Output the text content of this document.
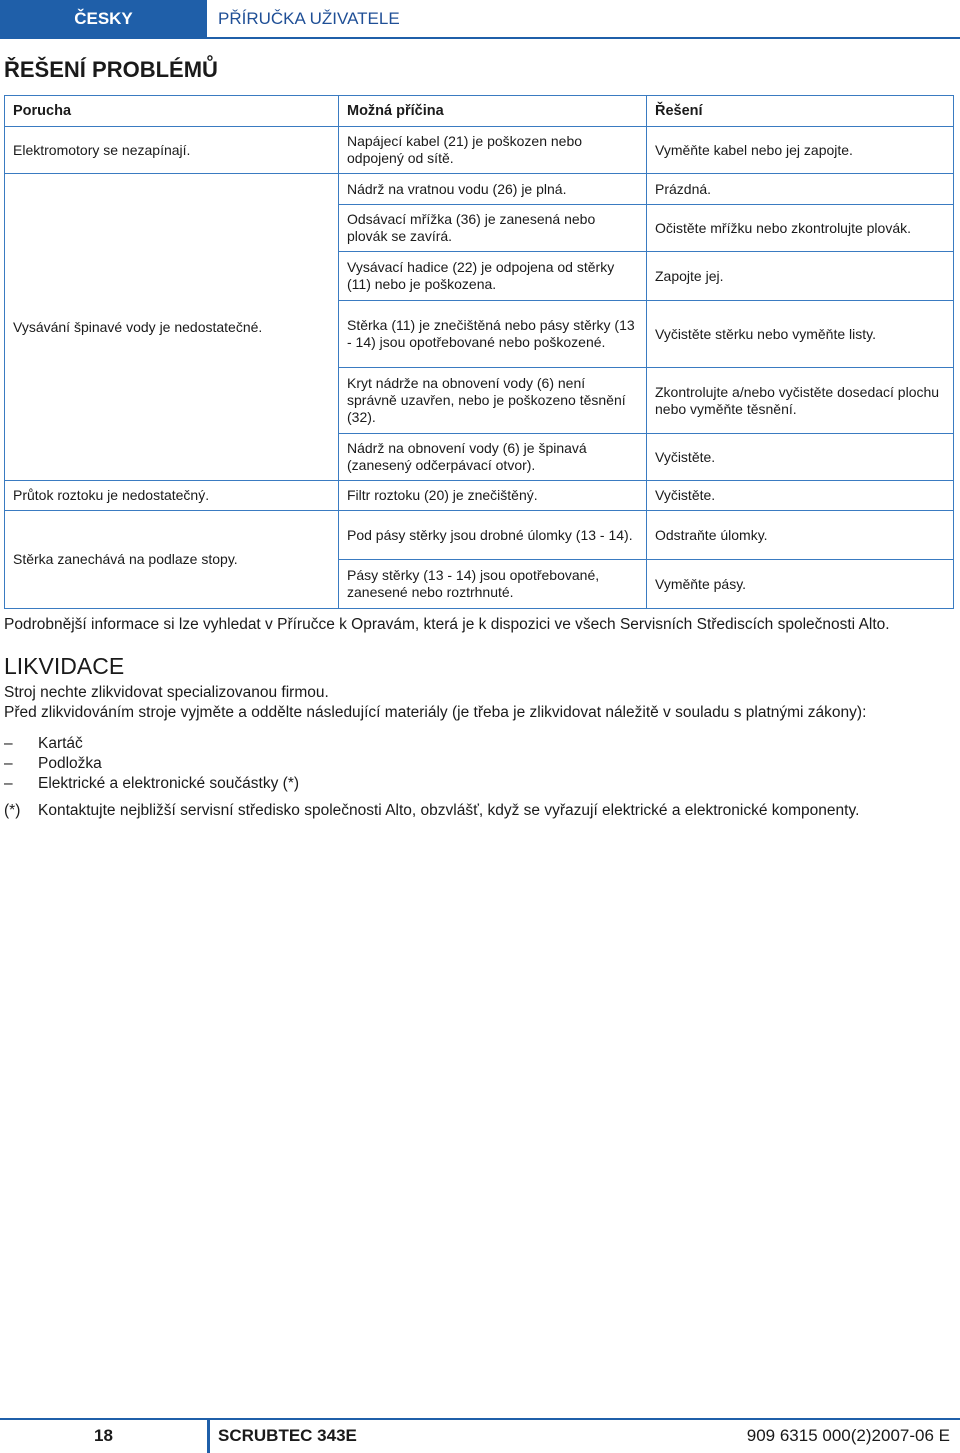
ČESKY	PŘÍRUČKA UŽIVATELE
ŘEŠENÍ PROBLÉMŮ
Porucha	Možná příčina	Řešení
Elektromotory se nezapínají.	Napájecí kabel (21) je poškozen nebo odpojený od sítě.	Vyměňte kabel nebo jej zapojte.
Vysávání špinavé vody je nedostatečné.	Nádrž na vratnou vodu (26) je plná.	Prázdná.
	Odsávací mřížka (36) je zanesená nebo plovák se zavírá.	Očistěte mřížku nebo zkontrolujte plovák.
	Vysávací hadice (22) je odpojena od stěrky (11) nebo je poškozena.	Zapojte jej.
	Stěrka (11) je znečištěná nebo pásy stěrky (13 - 14) jsou opotřebované nebo poškozené.	Vyčistěte stěrku nebo vyměňte listy.
	Kryt nádrže na obnovení vody (6) není správně uzavřen, nebo je poškozeno těsnění (32).	Zkontrolujte a/nebo vyčistěte dosedací plochu nebo vyměňte těsnění.
	Nádrž na obnovení vody (6) je špinavá (zanesený odčerpávací otvor).	Vyčistěte.
Průtok roztoku je nedostatečný.	Filtr roztoku (20) je znečištěný.	Vyčistěte.
Stěrka zanechává na podlaze stopy.	Pod pásy stěrky jsou drobné úlomky (13 - 14).	Odstraňte úlomky.
	Pásy stěrky (13 - 14) jsou opotřebované, zanesené nebo roztrhnuté.	Vyměňte pásy.
Podrobnější informace si lze vyhledat v Příručce k Opravám, která je k dispozici ve všech Servisních Střediscích společnosti Alto.
LIKVIDACE
Stroj nechte zlikvidovat specializovanou firmou.
Před zlikvidováním stroje vyjměte a oddělte následující materiály (je třeba je zlikvidovat náležitě v souladu s platnými zákony):
–	Kartáč
–	Podložka
–	Elektrické a elektronické součástky (*)
(*) Kontaktujte nejbližší servisní středisko společnosti Alto, obzvlášť, když se vyřazují elektrické a elektronické komponenty.
18	SCRUBTEC 343E	909 6315 000(2)2007-06 E
